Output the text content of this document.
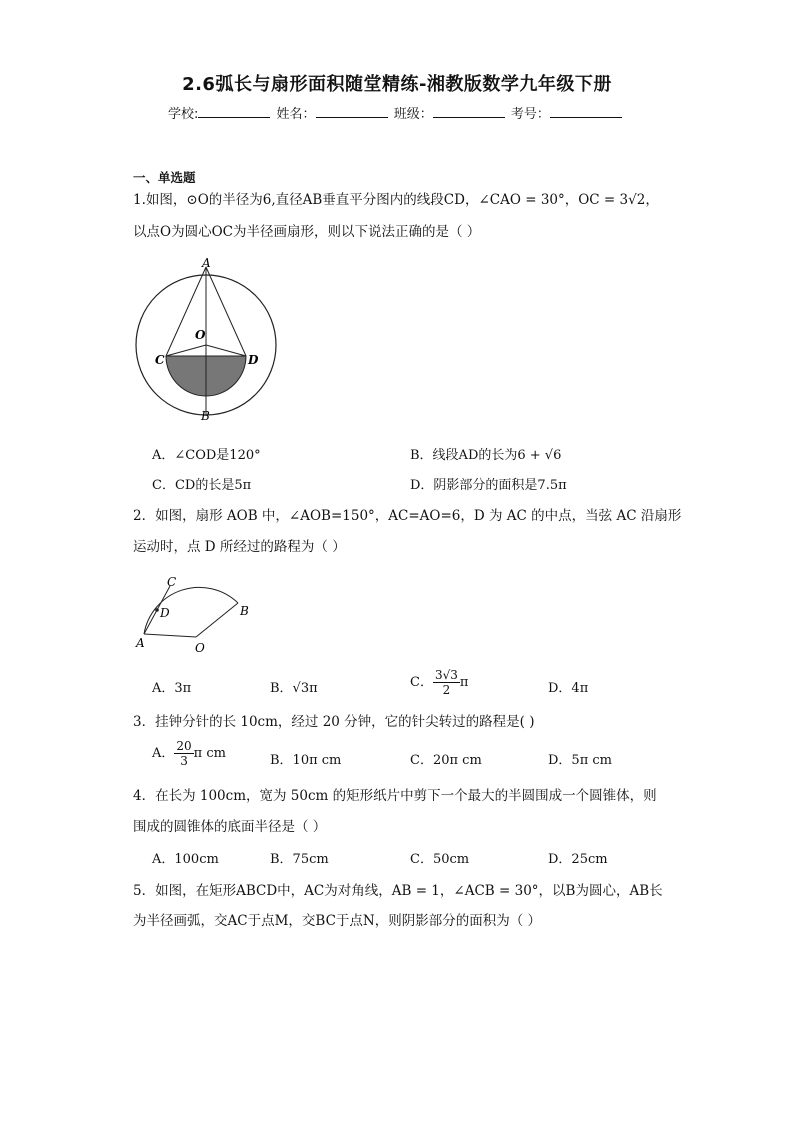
2.6弧长与扇形面积随堂精练-湘教版数学九年级下册
学校:	姓名：	班级：	考号：
一、单选题
1.如图，⊙O的半径为6,直径AB垂直平分图内的线段CD，∠CAO = 30°，OC = 3√2，
以点O为圆心OC为半径画扇形，则以下说法正确的是（ ）
A
B
O
C	D
A．∠COD是120°	B．线段AD的长为6 + √6
C．CD的长是5π	D．阴影部分的面积是7.5π
2．如图，扇形 AOB 中，∠AOB=150°，AC=AO=6，D 为 AC 的中点，当弦 AC 沿扇形
运动时，点 D 所经过的路程为（ ）
C
D	B
A	O
A．3π	B．√3π	C． $\frac{3√3}{2}$ π	D．4π
3．挂钟分针的长 10cm，经过 20 分钟，它的针尖转过的路程是( )
A． $\frac{20}{3}$ π cm	B．10π cm	C．20π cm	D．5π cm
4．在长为 100cm，宽为 50cm 的矩形纸片中剪下一个最大的半圆围成一个圆锥体，则
围成的圆锥体的底面半径是（ ）
A．100cm	B．75cm	C．50cm	D．25cm
5．如图，在矩形ABCD中，AC为对角线，AB = 1，∠ACB = 30°，以B为圆心，AB长
为半径画弧，交AC于点M，交BC于点N，则阴影部分的面积为（ ）
